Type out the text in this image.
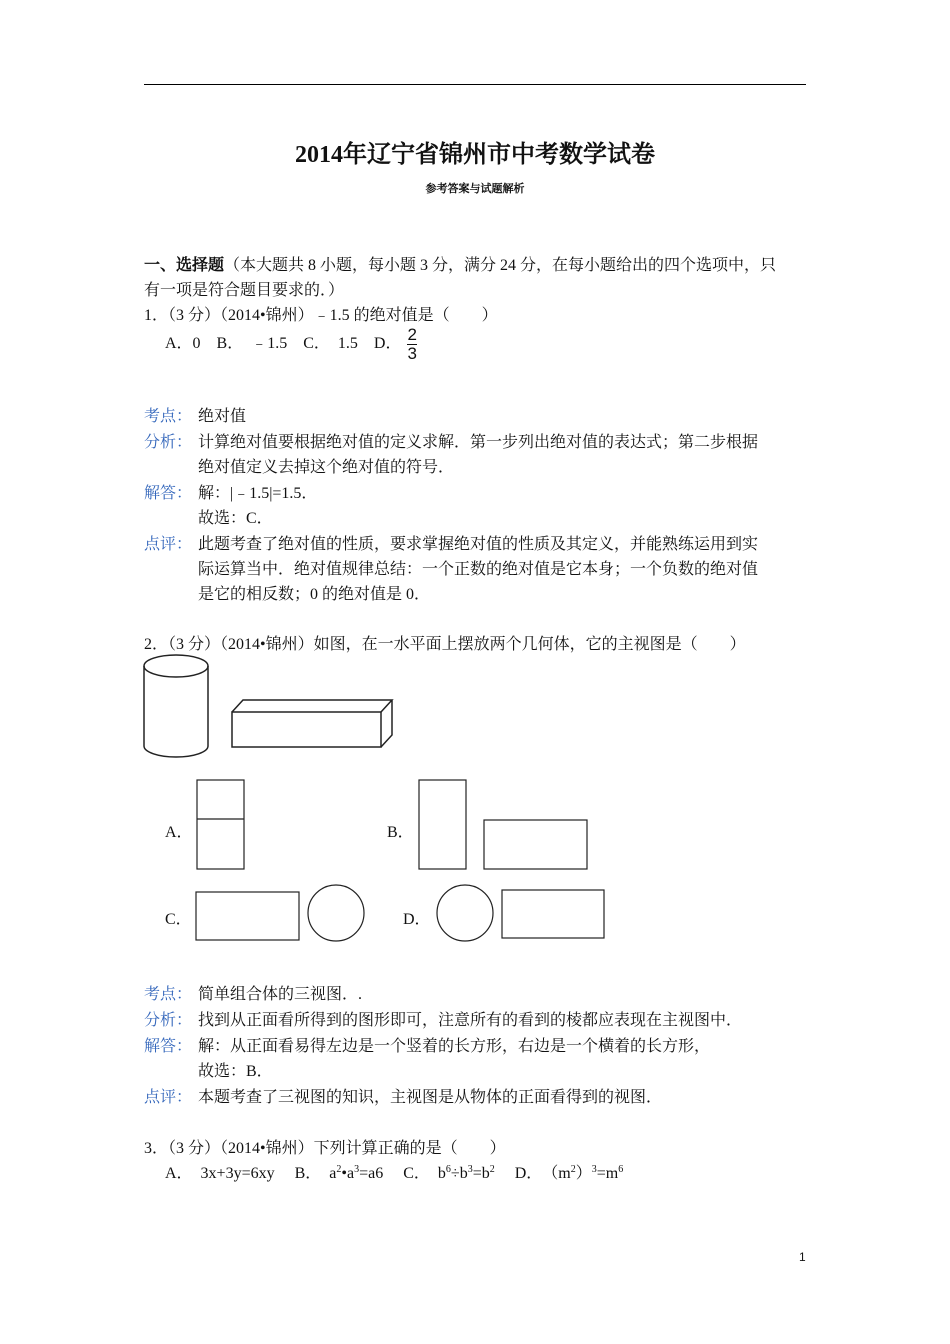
2014年辽宁省锦州市中考数学试卷
参考答案与试题解析
一、选择题（本大题共 8 小题，每小题 3 分，满分 24 分，在每小题给出的四个选项中，只
有一项是符合题目要求的．）
1．（3 分）（2014•锦州）﹣1.5 的绝对值是（　　）
A．0　B．　﹣1.5　C．　1.5　D． $\frac{2}{3}$
考点： 绝对值
分析： 计算绝对值要根据绝对值的定义求解．第一步列出绝对值的表达式；第二步根据
绝对值定义去掉这个绝对值的符号．
解答： 解：|﹣1.5|=1.5．
故选：C．
点评： 此题考查了绝对值的性质，要求掌握绝对值的性质及其定义，并能熟练运用到实
际运算当中．绝对值规律总结：一个正数的绝对值是它本身；一个负数的绝对值
是它的相反数；0 的绝对值是 0．
2．（3 分）（2014•锦州）如图，在一水平面上摆放两个几何体，它的主视图是（　　）
A．	B．
C．	D．
考点： 简单组合体的三视图．.
分析： 找到从正面看所得到的图形即可，注意所有的看到的棱都应表现在主视图中．
解答： 解：从正面看易得左边是一个竖着的长方形，右边是一个横着的长方形，
故选：B．
点评： 本题考查了三视图的知识，主视图是从物体的正面看得到的视图．
3．（3 分）（2014•锦州）下列计算正确的是（　　）
A．　3x+3y=6xy  B．　$a^2•a^3=a6$  C．　$b^6\div b^3=b^2$  D．　$(m^2)^3=m^6$
1
